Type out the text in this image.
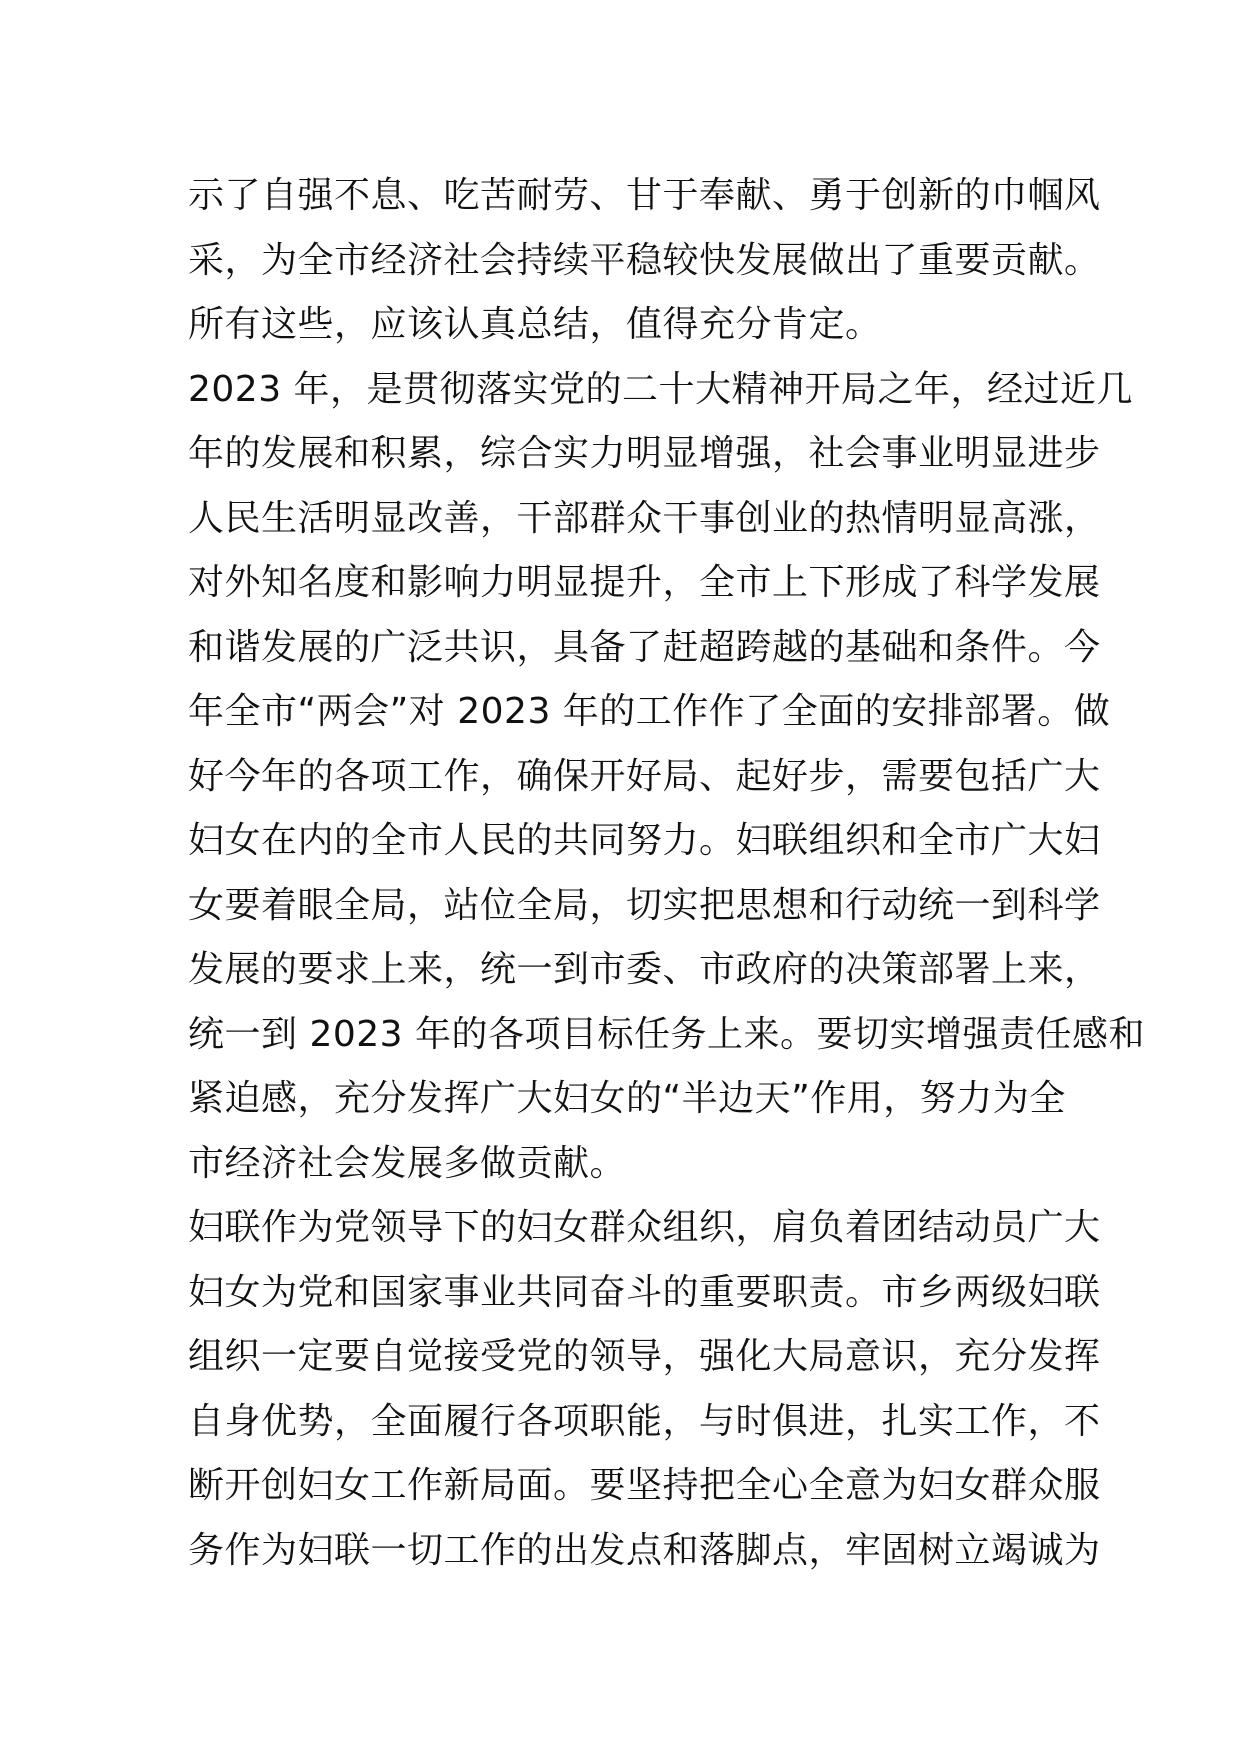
示了自强不息、吃苦耐劳、甘于奉献、勇于创新的巾帼风
采，为全市经济社会持续平稳较快发展做出了重要贡献。
所有这些，应该认真总结，值得充分肯定。
2023 年，是贯彻落实党的二十大精神开局之年，经过近几
年的发展和积累，综合实力明显增强，社会事业明显进步
人民生活明显改善，干部群众干事创业的热情明显高涨，
对外知名度和影响力明显提升，全市上下形成了科学发展
和谐发展的广泛共识，具备了赶超跨越的基础和条件。今
年全市“两会”对 2023 年的工作作了全面的安排部署。做
好今年的各项工作，确保开好局、起好步，需要包括广大
妇女在内的全市人民的共同努力。妇联组织和全市广大妇
女要着眼全局，站位全局，切实把思想和行动统一到科学
发展的要求上来，统一到市委、市政府的决策部署上来，
统一到 2023 年的各项目标任务上来。要切实增强责任感和
紧迫感，充分发挥广大妇女的“半边天”作用，努力为全
市经济社会发展多做贡献。
妇联作为党领导下的妇女群众组织，肩负着团结动员广大
妇女为党和国家事业共同奋斗的重要职责。市乡两级妇联
组织一定要自觉接受党的领导，强化大局意识，充分发挥
自身优势，全面履行各项职能，与时俱进，扎实工作，不
断开创妇女工作新局面。要坚持把全心全意为妇女群众服
务作为妇联一切工作的出发点和落脚点，牢固树立竭诚为
